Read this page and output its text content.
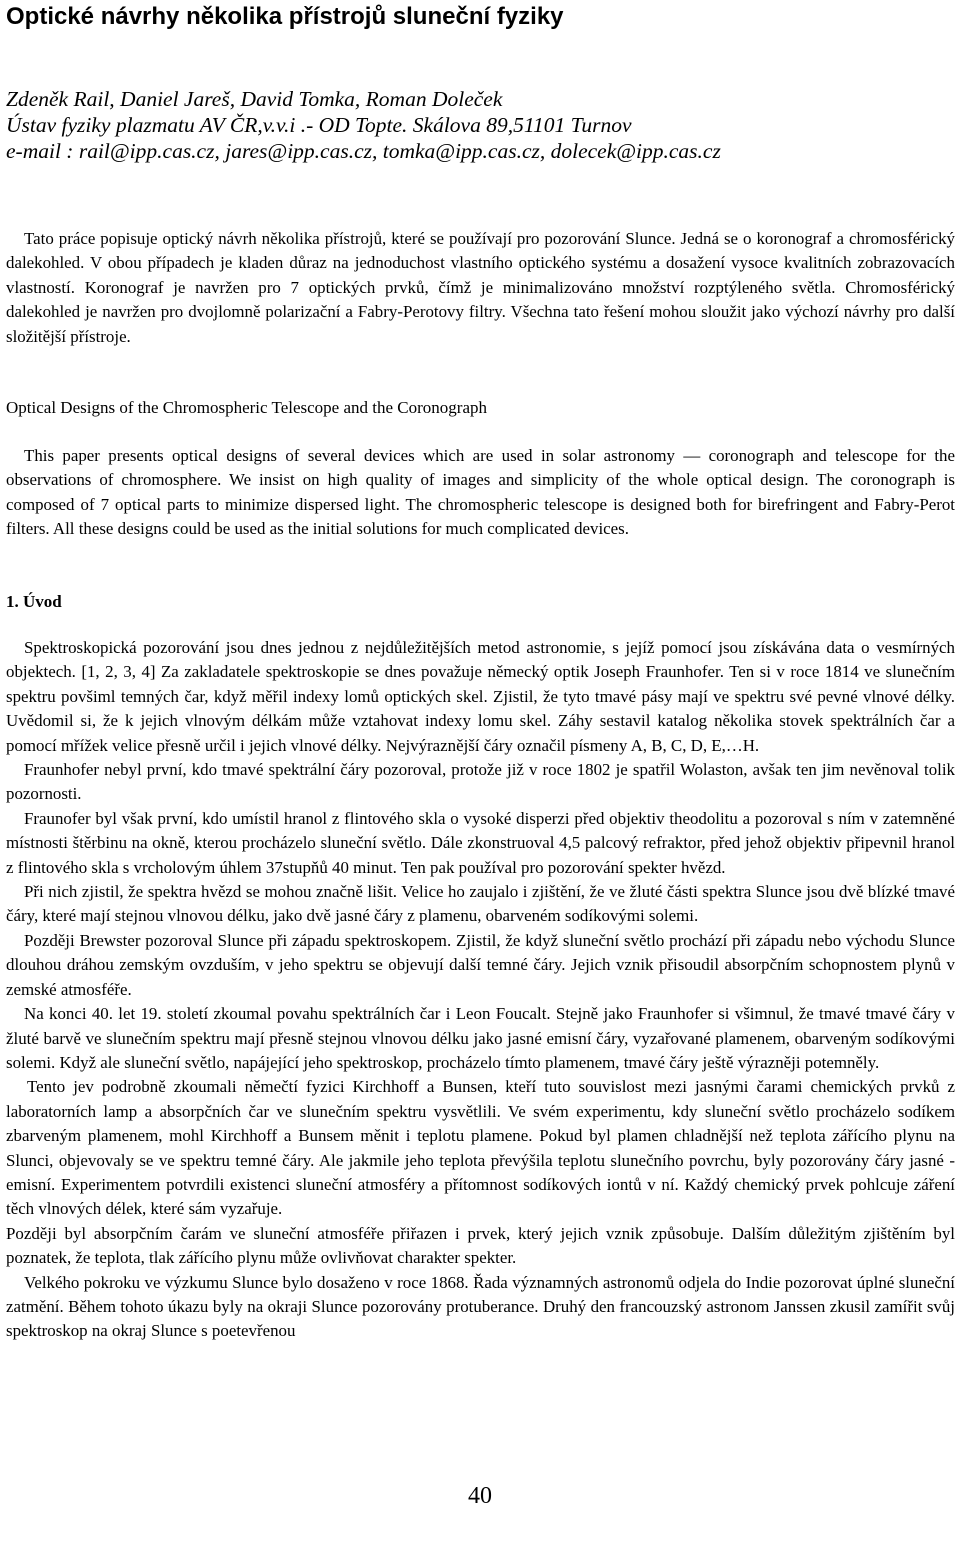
Optické návrhy několika přístrojů sluneční fyziky
Zdeněk Rail, Daniel Jareš, David Tomka, Roman Doleček
Ústav fyziky plazmatu AV ČR,v.v.i .- OD Topte. Skálova 89,51101 Turnov
e-mail : rail@ipp.cas.cz, jares@ipp.cas.cz, tomka@ipp.cas.cz, dolecek@ipp.cas.cz

Tato práce popisuje optický návrh několika přístrojů, které se používají pro pozorování Slunce. Jedná se o koronograf a chromosférický dalekohled. V obou případech je kladen důraz na jednoduchost vlastního optického systému a dosažení vysoce kvalitních zobrazovacích vlastností. Koronograf je navržen pro 7 optických prvků, čímž je minimalizováno množství rozptýleného světla. Chromosférický dalekohled je navržen pro dvojlomně polarizační a Fabry-Perotovy filtry. Všechna tato řešení mohou sloužit jako výchozí návrhy pro další složitější přístroje.

Optical Designs of the Chromospheric Telescope and the Coronograph

This paper presents optical designs of several devices which are used in solar astronomy — coronograph and telescope for the observations of chromosphere. We insist on high quality of images and simplicity of the whole optical design. The coronograph is composed of 7 optical parts to minimize dispersed light. The chromospheric telescope is designed both for birefringent and Fabry-Perot filters. All these designs could be used as the initial solutions for much complicated devices.

1. Úvod

Spektroskopická pozorování jsou dnes jednou z nejdůležitějších metod astronomie, s jejíž pomocí jsou získávána data o vesmírných objektech. [1, 2, 3, 4] Za zakladatele spektroskopie se dnes považuje německý optik Joseph Fraunhofer. Ten si v roce 1814 ve slunečním spektru povšiml temných čar, když měřil indexy lomů optických skel. Zjistil, že tyto tmavé pásy mají ve spektru své pevné vlnové délky. Uvědomil si, že k jejich vlnovým délkám může vztahovat indexy lomu skel. Záhy sestavil katalog několika stovek spektrálních čar a pomocí mřížek velice přesně určil i jejich vlnové délky. Nejvýraznější čáry označil písmeny A, B, C, D, E,…H.

Fraunhofer nebyl první, kdo tmavé spektrální čáry pozoroval, protože již v roce 1802 je spatřil Wolaston, avšak ten jim nevěnoval tolik pozornosti.

Fraunofer byl však první, kdo umístil hranol z flintového skla o vysoké disperzi před objektiv theodolitu a pozoroval s ním v zatemněné místnosti štěrbinu na okně, kterou procházelo sluneční světlo. Dále zkonstruoval 4,5 palcový refraktor, před jehož objektiv připevnil hranol z flintového skla s vrcholovým úhlem 37stupňů 40 minut. Ten pak používal pro pozorování spekter hvězd.

Při nich zjistil, že spektra hvězd se mohou značně lišit. Velice ho zaujalo i zjištění, že ve žluté části spektra Slunce jsou dvě blízké tmavé čáry, které mají stejnou vlnovou délku, jako dvě jasné čáry z plamenu, obarveném sodíkovými solemi.

Později Brewster pozoroval Slunce při západu spektroskopem. Zjistil, že když sluneční světlo prochází při západu nebo východu Slunce dlouhou dráhou zemským ovzduším, v jeho spektru se objevují další temné čáry. Jejich vznik přisoudil absorpčním schopnostem plynů v zemské atmosféře.

Na konci 40. let 19. století zkoumal povahu spektrálních čar i Leon Foucalt. Stejně jako Fraunhofer si všimnul, že tmavé tmavé čáry v žluté barvě ve slunečním spektru mají přesně stejnou vlnovou délku jako jasné emisní čáry, vyzařované plamenem, obarveným sodíkovými solemi. Když ale sluneční světlo, napájející jeho spektroskop, procházelo tímto plamenem, tmavé čáry ještě výrazněji potemněly.

Tento jev podrobně zkoumali němečtí fyzici Kirchhoff a Bunsen, kteří tuto souvislost mezi jasnými čarami chemických prvků z laboratorních lamp a absorpčních čar ve slunečním spektru vysvětlili. Ve svém experimentu, kdy sluneční světlo procházelo sodíkem zbarveným plamenem, mohl Kirchhoff a Bunsem měnit i teplotu plamene. Pokud byl plamen chladnější než teplota zářícího plynu na Slunci, objevovaly se ve spektru temné čáry. Ale jakmile jeho teplota převýšila teplotu slunečního povrchu, byly pozorovány čáry jasné - emisní. Experimentem potvrdili existenci sluneční atmosféry a přítomnost sodíkových iontů v ní. Každý chemický prvek pohlcuje záření těch vlnových délek, které sám vyzařuje.

Později byl absorpčním čarám ve sluneční atmosféře přiřazen i prvek, který jejich vznik způsobuje. Dalším důležitým zjištěním byl poznatek, že teplota, tlak zářícího plynu může ovlivňovat charakter spekter.

Velkého pokroku ve výzkumu Slunce bylo dosaženo v roce 1868. Řada významných astronomů odjela do Indie pozorovat úplné sluneční zatmění. Během tohoto úkazu byly na okraji Slunce pozorovány protuberance. Druhý den francouzský astronom Janssen zkusil zamířit svůj spektroskop na okraj Slunce s poetevřenou

40
